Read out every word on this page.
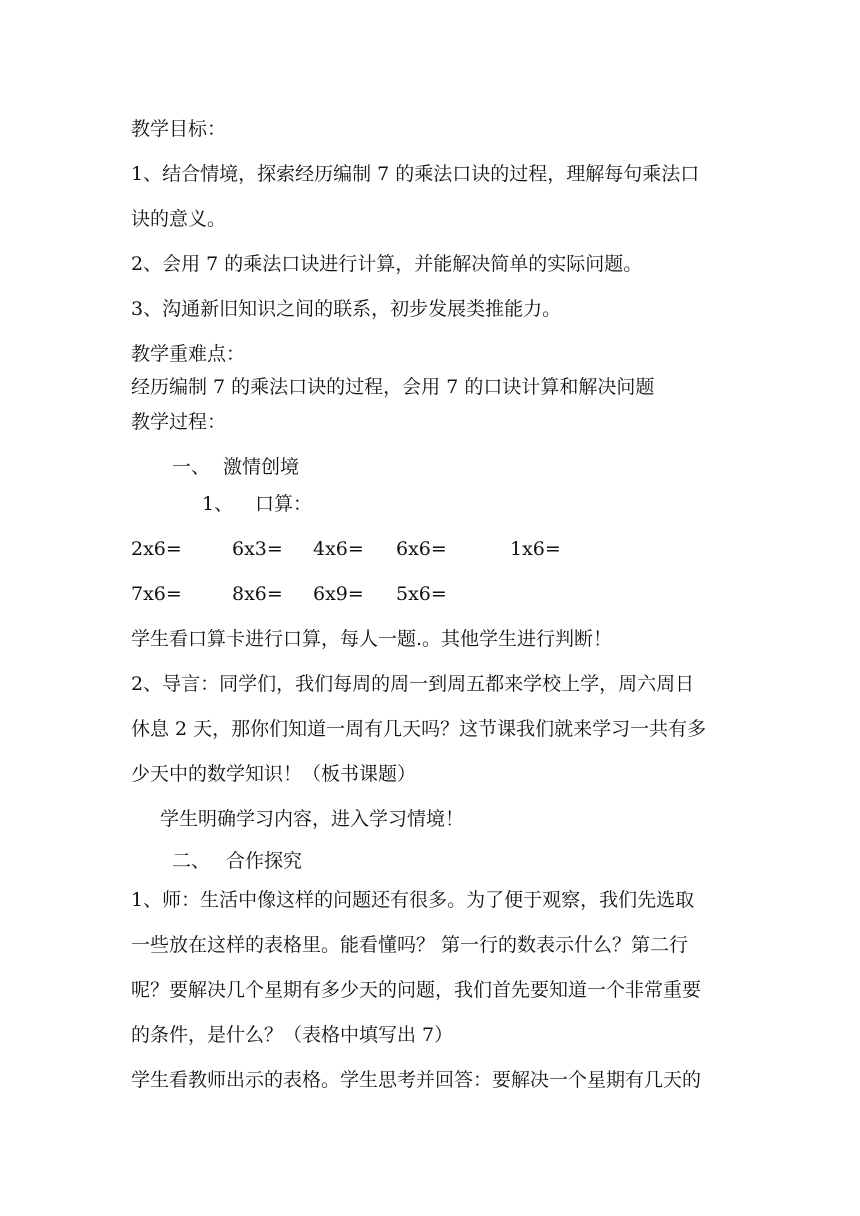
教学目标：
1、结合情境，探索经历编制 7 的乘法口诀的过程，理解每句乘法口
诀的意义。
2、会用 7 的乘法口诀进行计算，并能解决简单的实际问题。
3、沟通新旧知识之间的联系，初步发展类推能力。
教学重难点：
经历编制 7 的乘法口诀的过程，会用 7 的口诀计算和解决问题
教学过程：
一、 激情创境
1、 口算：
2x6=	6x3= 4x6= 6x6=	1x6=
7x6=	8x6= 6x9= 5x6=
学生看口算卡进行口算，每人一题.。其他学生进行判断！
2、导言：同学们，我们每周的周一到周五都来学校上学，周六周日
休息 2 天，那你们知道一周有几天吗？这节课我们就来学习一共有多
少天中的数学知识！（板书课题）
学生明确学习内容，进入学习情境！
二、 合作探究
1、师：生活中像这样的问题还有很多。为了便于观察，我们先选取
一些放在这样的表格里。能看懂吗？ 第一行的数表示什么？第二行
呢？要解决几个星期有多少天的问题，我们首先要知道一个非常重要
的条件，是什么？（表格中填写出 7）
学生看教师出示的表格。学生思考并回答：要解决一个星期有几天的
